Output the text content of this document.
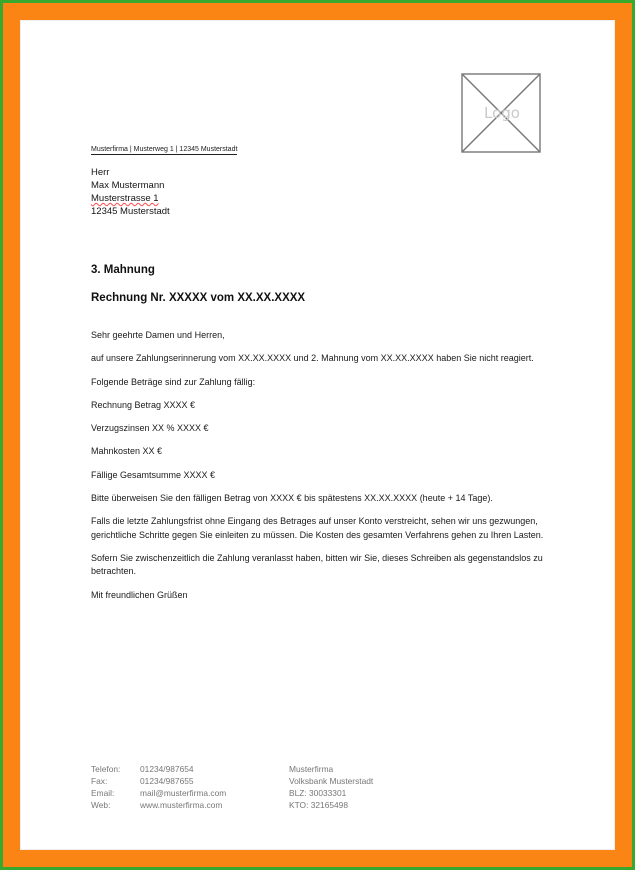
Logo
Musterfirma | Musterweg 1 | 12345 Musterstadt
Herr
Max Mustermann
Musterstrasse 1
12345 Musterstadt
3. Mahnung
Rechnung Nr. XXXXX vom XX.XX.XXXX

Sehr geehrte Damen und Herren,

auf unsere Zahlungserinnerung vom XX.XX.XXXX und 2. Mahnung vom XX.XX.XXXX haben Sie nicht reagiert.

Folgende Beträge sind zur Zahlung fällig:

Rechnung Betrag XXXX €

Verzugszinsen XX % XXXX €

Mahnkosten XX €

Fällige Gesamtsumme XXXX €

Bitte überweisen Sie den fälligen Betrag von XXXX € bis spätestens XX.XX.XXXX (heute + 14 Tage).

Falls die letzte Zahlungsfrist ohne Eingang des Betrages auf unser Konto verstreicht, sehen wir uns gezwungen, gerichtliche Schritte gegen Sie einleiten zu müssen. Die Kosten des gesamten Verfahrens gehen zu Ihren Lasten.

Sofern Sie zwischenzeitlich die Zahlung veranlasst haben, bitten wir Sie, dieses Schreiben als gegenstandslos zu betrachten.

Mit freundlichen Grüßen

Telefon:	01234/987654	Musterfirma
Fax:	01234/987655	Volksbank Musterstadt
Email:	mail@musterfirma.com	BLZ: 30033301
Web:	www.musterfirma.com	KTO: 32165498
